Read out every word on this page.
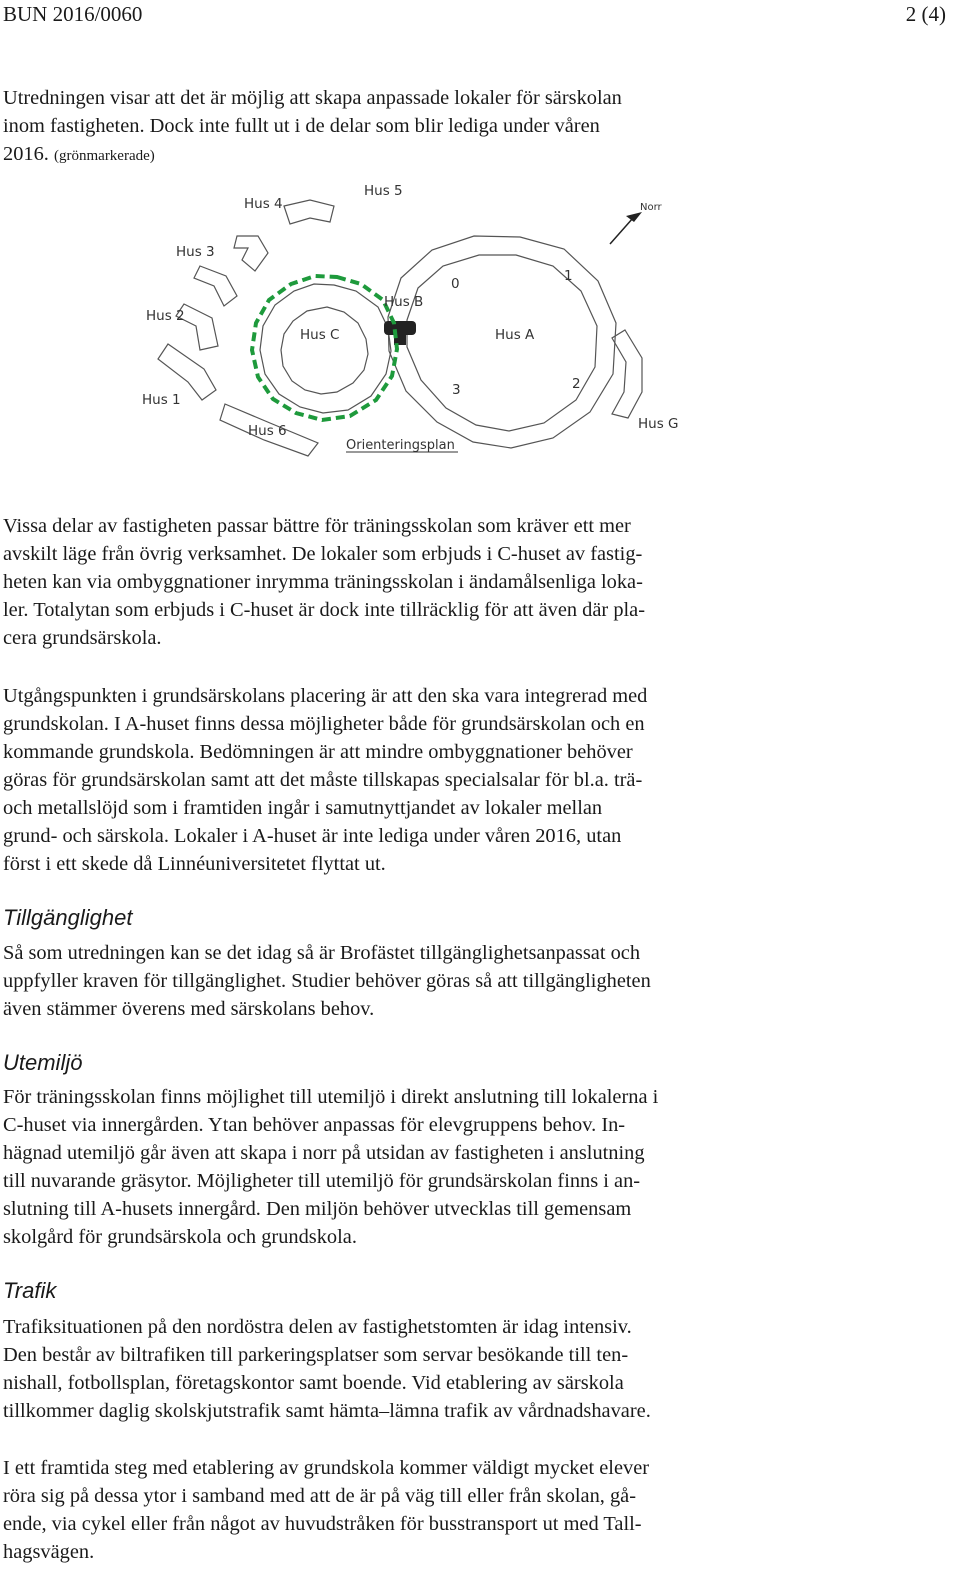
BUN 2016/0060	2 (4)

Utredningen visar att det är möjlig att skapa anpassade lokaler för särskolan
inom fastigheten. Dock inte fullt ut i de delar som blir lediga under våren
2016. (grönmarkerade)

Hus 1
Hus 2
Hus 3
Hus 4
Hus 5
Hus 6
Hus B
Hus C	Hus A
Hus G
0	1
2
3
Norr
Orienteringsplan

Vissa delar av fastigheten passar bättre för träningsskolan som kräver ett mer
avskilt läge från övrig verksamhet. De lokaler som erbjuds i C-huset av fastig-
heten kan via ombyggnationer inrymma träningsskolan i ändamålsenliga loka-
ler. Totalytan som erbjuds i C-huset är dock inte tillräcklig för att även där pla-
cera grundsärskola.

Utgångspunkten i grundsärskolans placering är att den ska vara integrerad med
grundskolan. I A-huset finns dessa möjligheter både för grundsärskolan och en
kommande grundskola. Bedömningen är att mindre ombyggnationer behöver
göras för grundsärskolan samt att det måste tillskapas specialsalar för bl.a. trä-
och metallslöjd som i framtiden ingår i samutnyttjandet av lokaler mellan
grund- och särskola. Lokaler i A-huset är inte lediga under våren 2016, utan
först i ett skede då Linnéuniversitetet flyttat ut.

Tillgänglighet

Så som utredningen kan se det idag så är Brofästet tillgänglighetsanpassat och
uppfyller kraven för tillgänglighet. Studier behöver göras så att tillgängligheten
även stämmer överens med särskolans behov.

Utemiljö

För träningsskolan finns möjlighet till utemiljö i direkt anslutning till lokalerna i
C-huset via innergården. Ytan behöver anpassas för elevgruppens behov. In-
hägnad utemiljö går även att skapa i norr på utsidan av fastigheten i anslutning
till nuvarande gräsytor. Möjligheter till utemiljö för grundsärskolan finns i an-
slutning till A-husets innergård. Den miljön behöver utvecklas till gemensam
skolgård för grundsärskola och grundskola.

Trafik

Trafiksituationen på den nordöstra delen av fastighetstomten är idag intensiv.
Den består av biltrafiken till parkeringsplatser som servar besökande till ten-
nishall, fotbollsplan, företagskontor samt boende. Vid etablering av särskola
tillkommer daglig skolskjutstrafik samt hämta–lämna trafik av vårdnadshavare.

I ett framtida steg med etablering av grundskola kommer väldigt mycket elever
röra sig på dessa ytor i samband med att de är på väg till eller från skolan, gå-
ende, via cykel eller från något av huvudstråken för busstransport ut med Tall-
hagsvägen.
